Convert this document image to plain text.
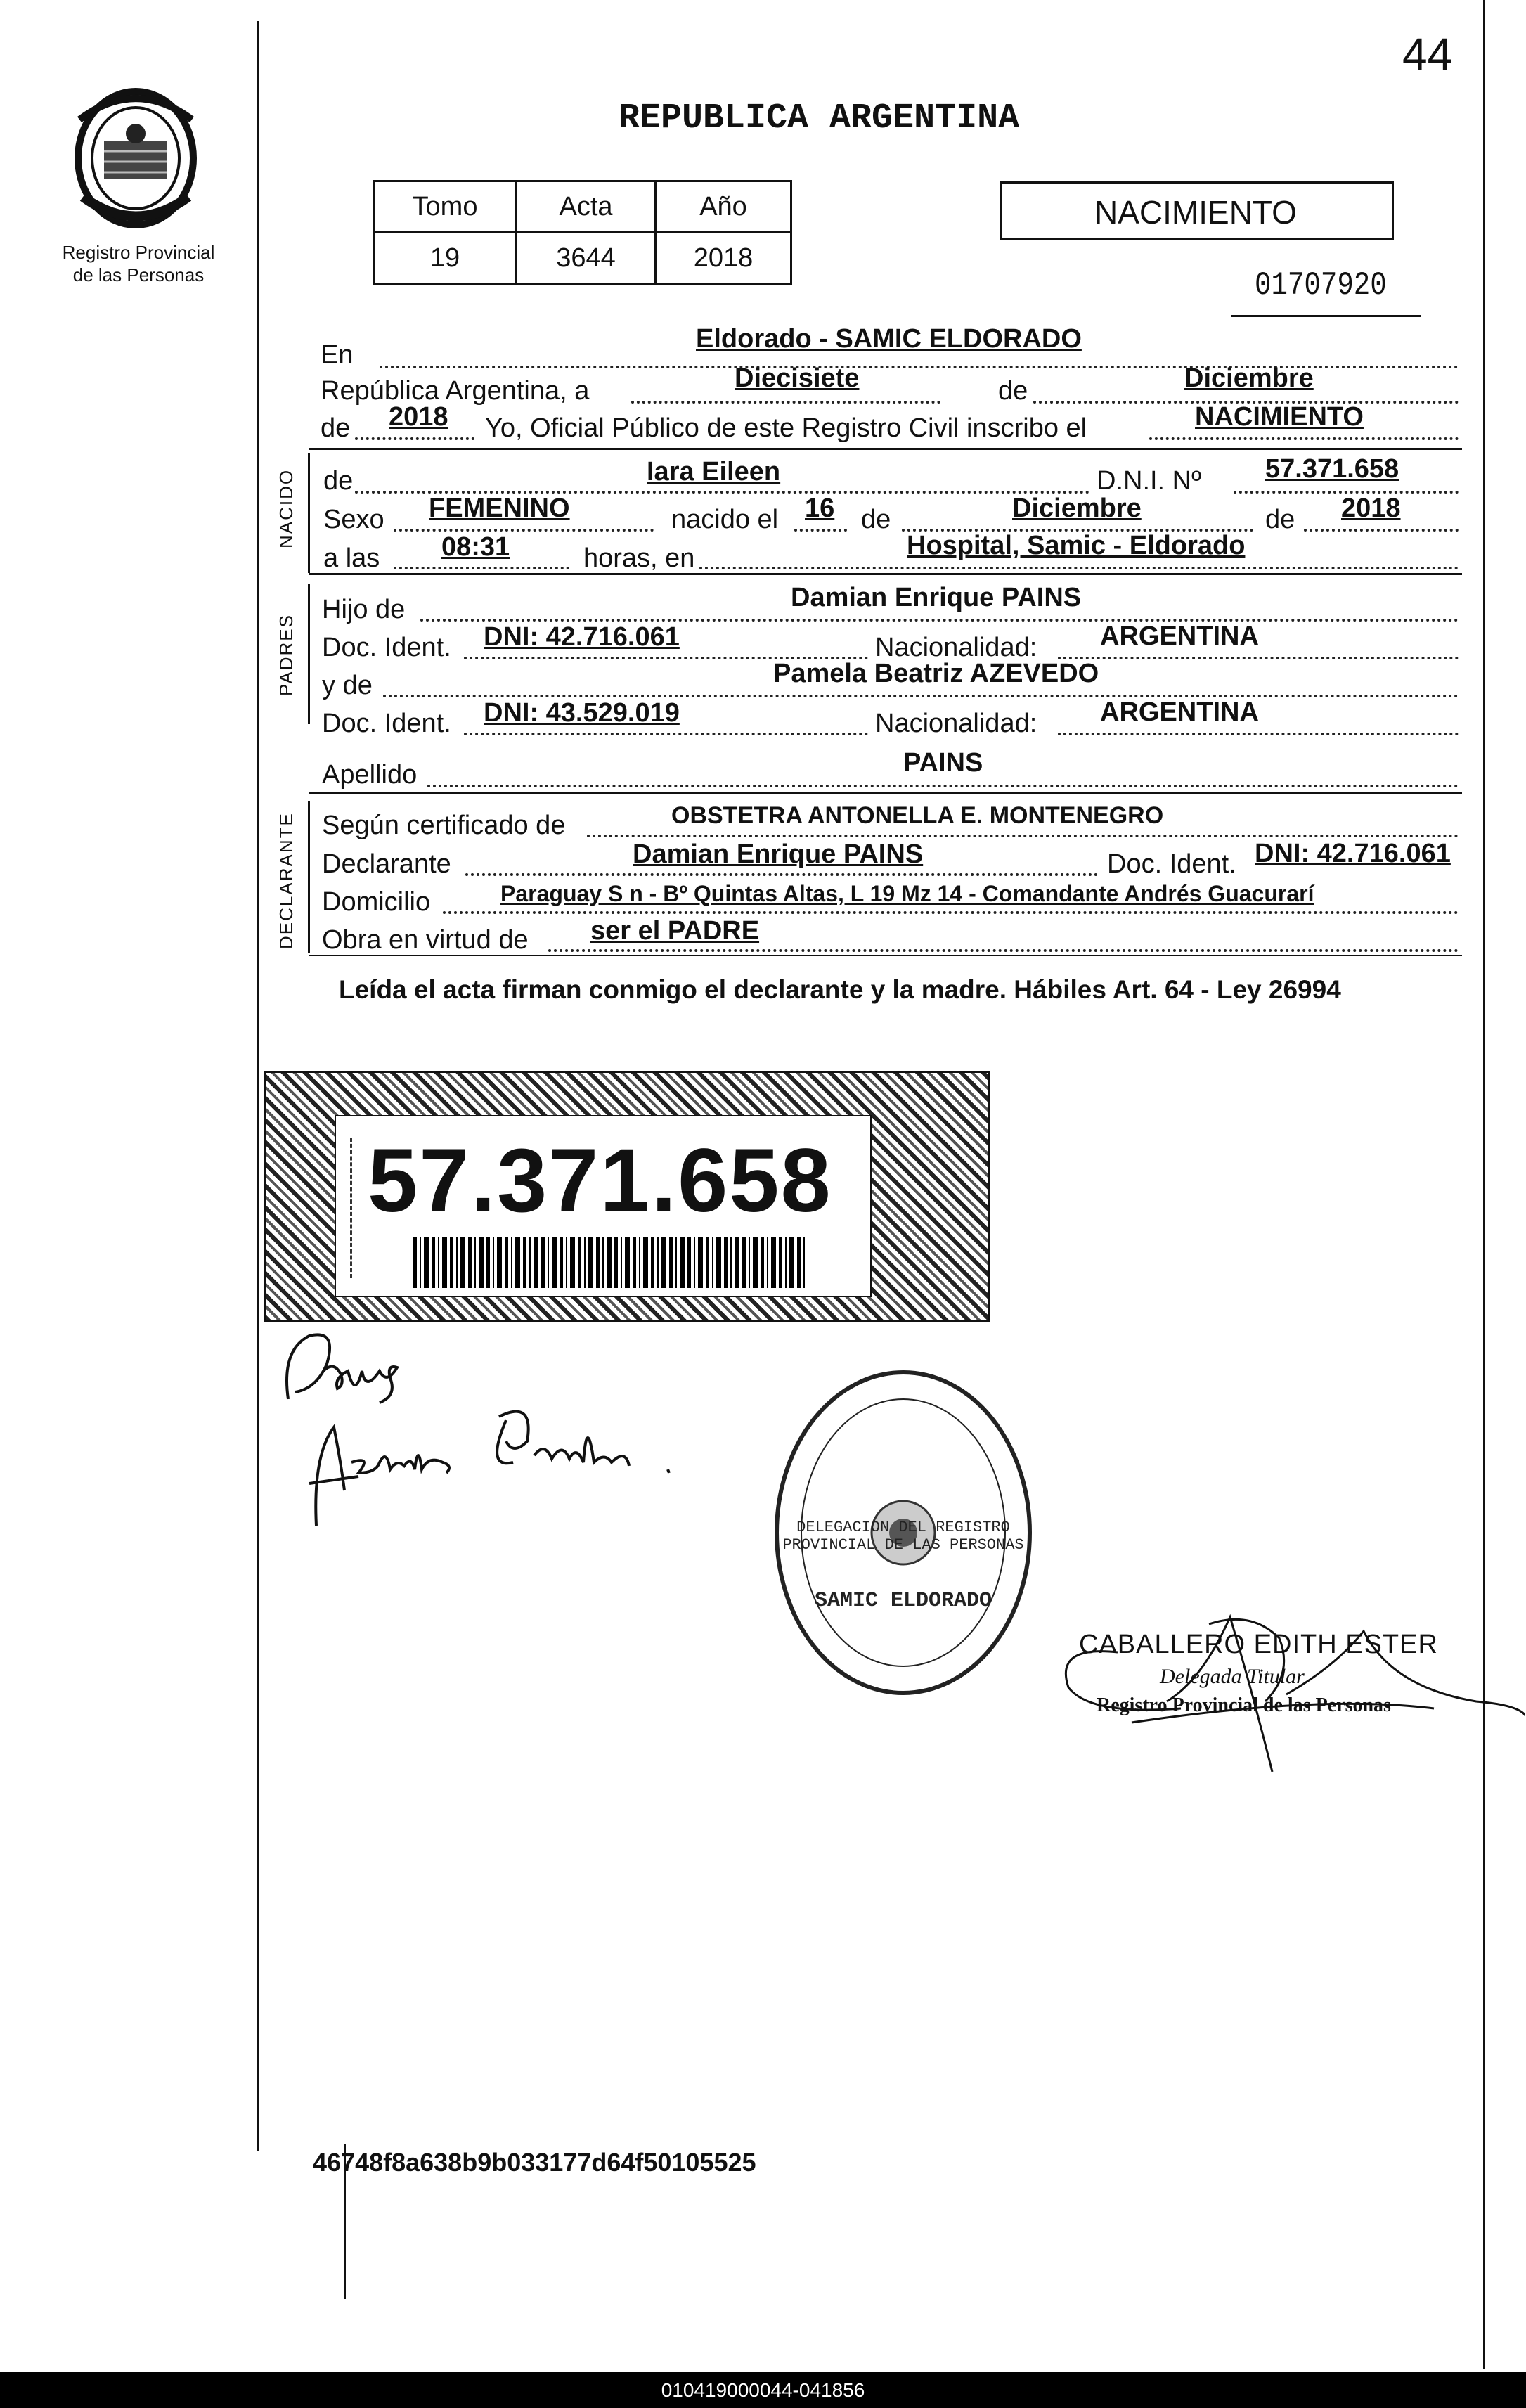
44
Registro Provincial
de las Personas
REPUBLICA ARGENTINA
Tomo	Acta	Año
19	3644	2018
NACIMIENTO
01707920
En
Eldorado - SAMIC ELDORADO
República Argentina, a	Diecisiete	de	Diciembre
de 2018 Yo, Oficial Público de este Registro Civil inscribo el	NACIMIENTO
NACIDO de	Iara Eileen	D.N.I. Nº 57.371.658
Sexo FEMENINO	nacido el 16 de	Diciembre	de 2018
a las 08:31	horas, en	Hospital, Samic - Eldorado
PADRES
Hijo de	Damian Enrique PAINS
Doc. Ident. DNI: 42.716.061	Nacionalidad: ARGENTINA
y de	Pamela Beatriz AZEVEDO
Doc. Ident. DNI: 43.529.019	Nacionalidad: ARGENTINA
Apellido	PAINS
DECLARANTE Según certificado de	OBSTETRA ANTONELLA E. MONTENEGRO
Declarante	Damian Enrique PAINS	Doc. Ident. DNI: 42.716.061
Domicilio	Paraguay S n - Bº Quintas Altas, L 19 Mz 14 - Comandante Andrés Guacurarí
Obra en virtud de ser el PADRE
Leída el acta firman conmigo el declarante y la madre. Hábiles Art. 64 - Ley 26994
57.371.658
DELEGACION DEL REGISTRO PROVINCIAL DE LAS PERSONAS
SAMIC ELDORADO
CABALLERO EDITH ESTER
Delegada Titular
Registro Provincial de las Personas
46748f8a638b9b033177d64f50105525
010419000044-041856
